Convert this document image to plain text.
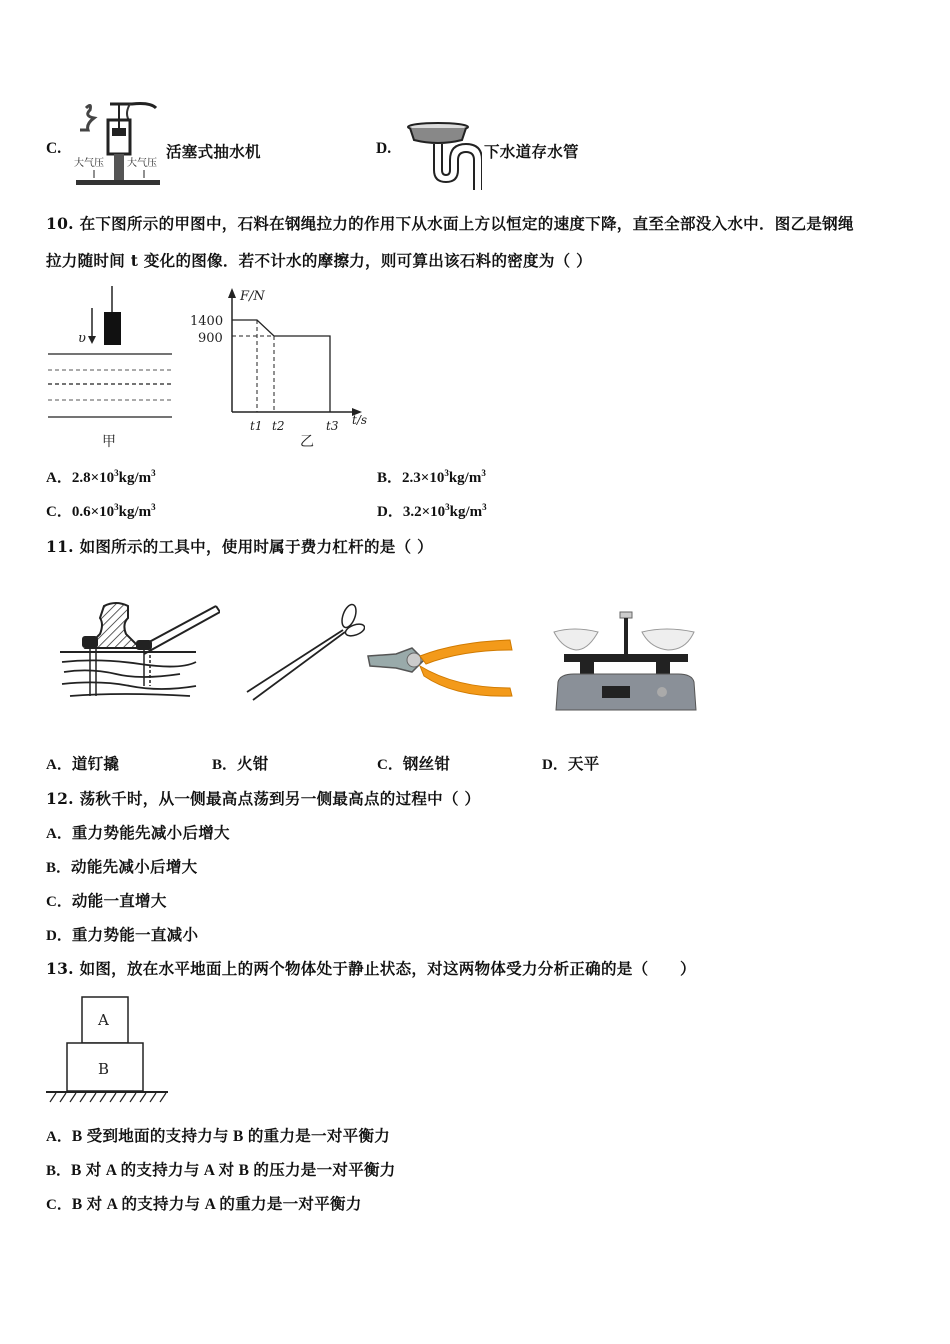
C.
大气压 大气压
活塞式抽水机	D.	下水道存水管
10. 在下图所示的甲图中，石料在钢绳拉力的作用下从水面上方以恒定的速度下降，直至全部没入水中．图乙是钢绳
拉力随时间 t 变化的图像．若不计水的摩擦力，则可算出该石料的密度为（ ）
υ
甲
F/N
t/s
1400
900
t1 t2	t3
乙
A．$2.8\times 10^3kg/m^3$	B．$2.3\times 10^3kg/m^3$
C．$0.6\times 10^3kg/m^3$	D．$3.2\times 10^3kg/m^3$
11. 如图所示的工具中，使用时属于费力杠杆的是（ ）
A．道钉撬	B．火钳	C．钢丝钳	D．天平
12. 荡秋千时，从一侧最高点荡到另一侧最高点的过程中（ ）
A．重力势能先减小后增大
B．动能先减小后增大
C．动能一直增大
D．重力势能一直减小
13. 如图，放在水平地面上的两个物体处于静止状态，对这两物体受力分析正确的是（　　）
A
B
A．B 受到地面的支持力与 B 的重力是一对平衡力
B．B 对 A 的支持力与 A 对 B 的压力是一对平衡力
C．B 对 A 的支持力与 A 的重力是一对平衡力
